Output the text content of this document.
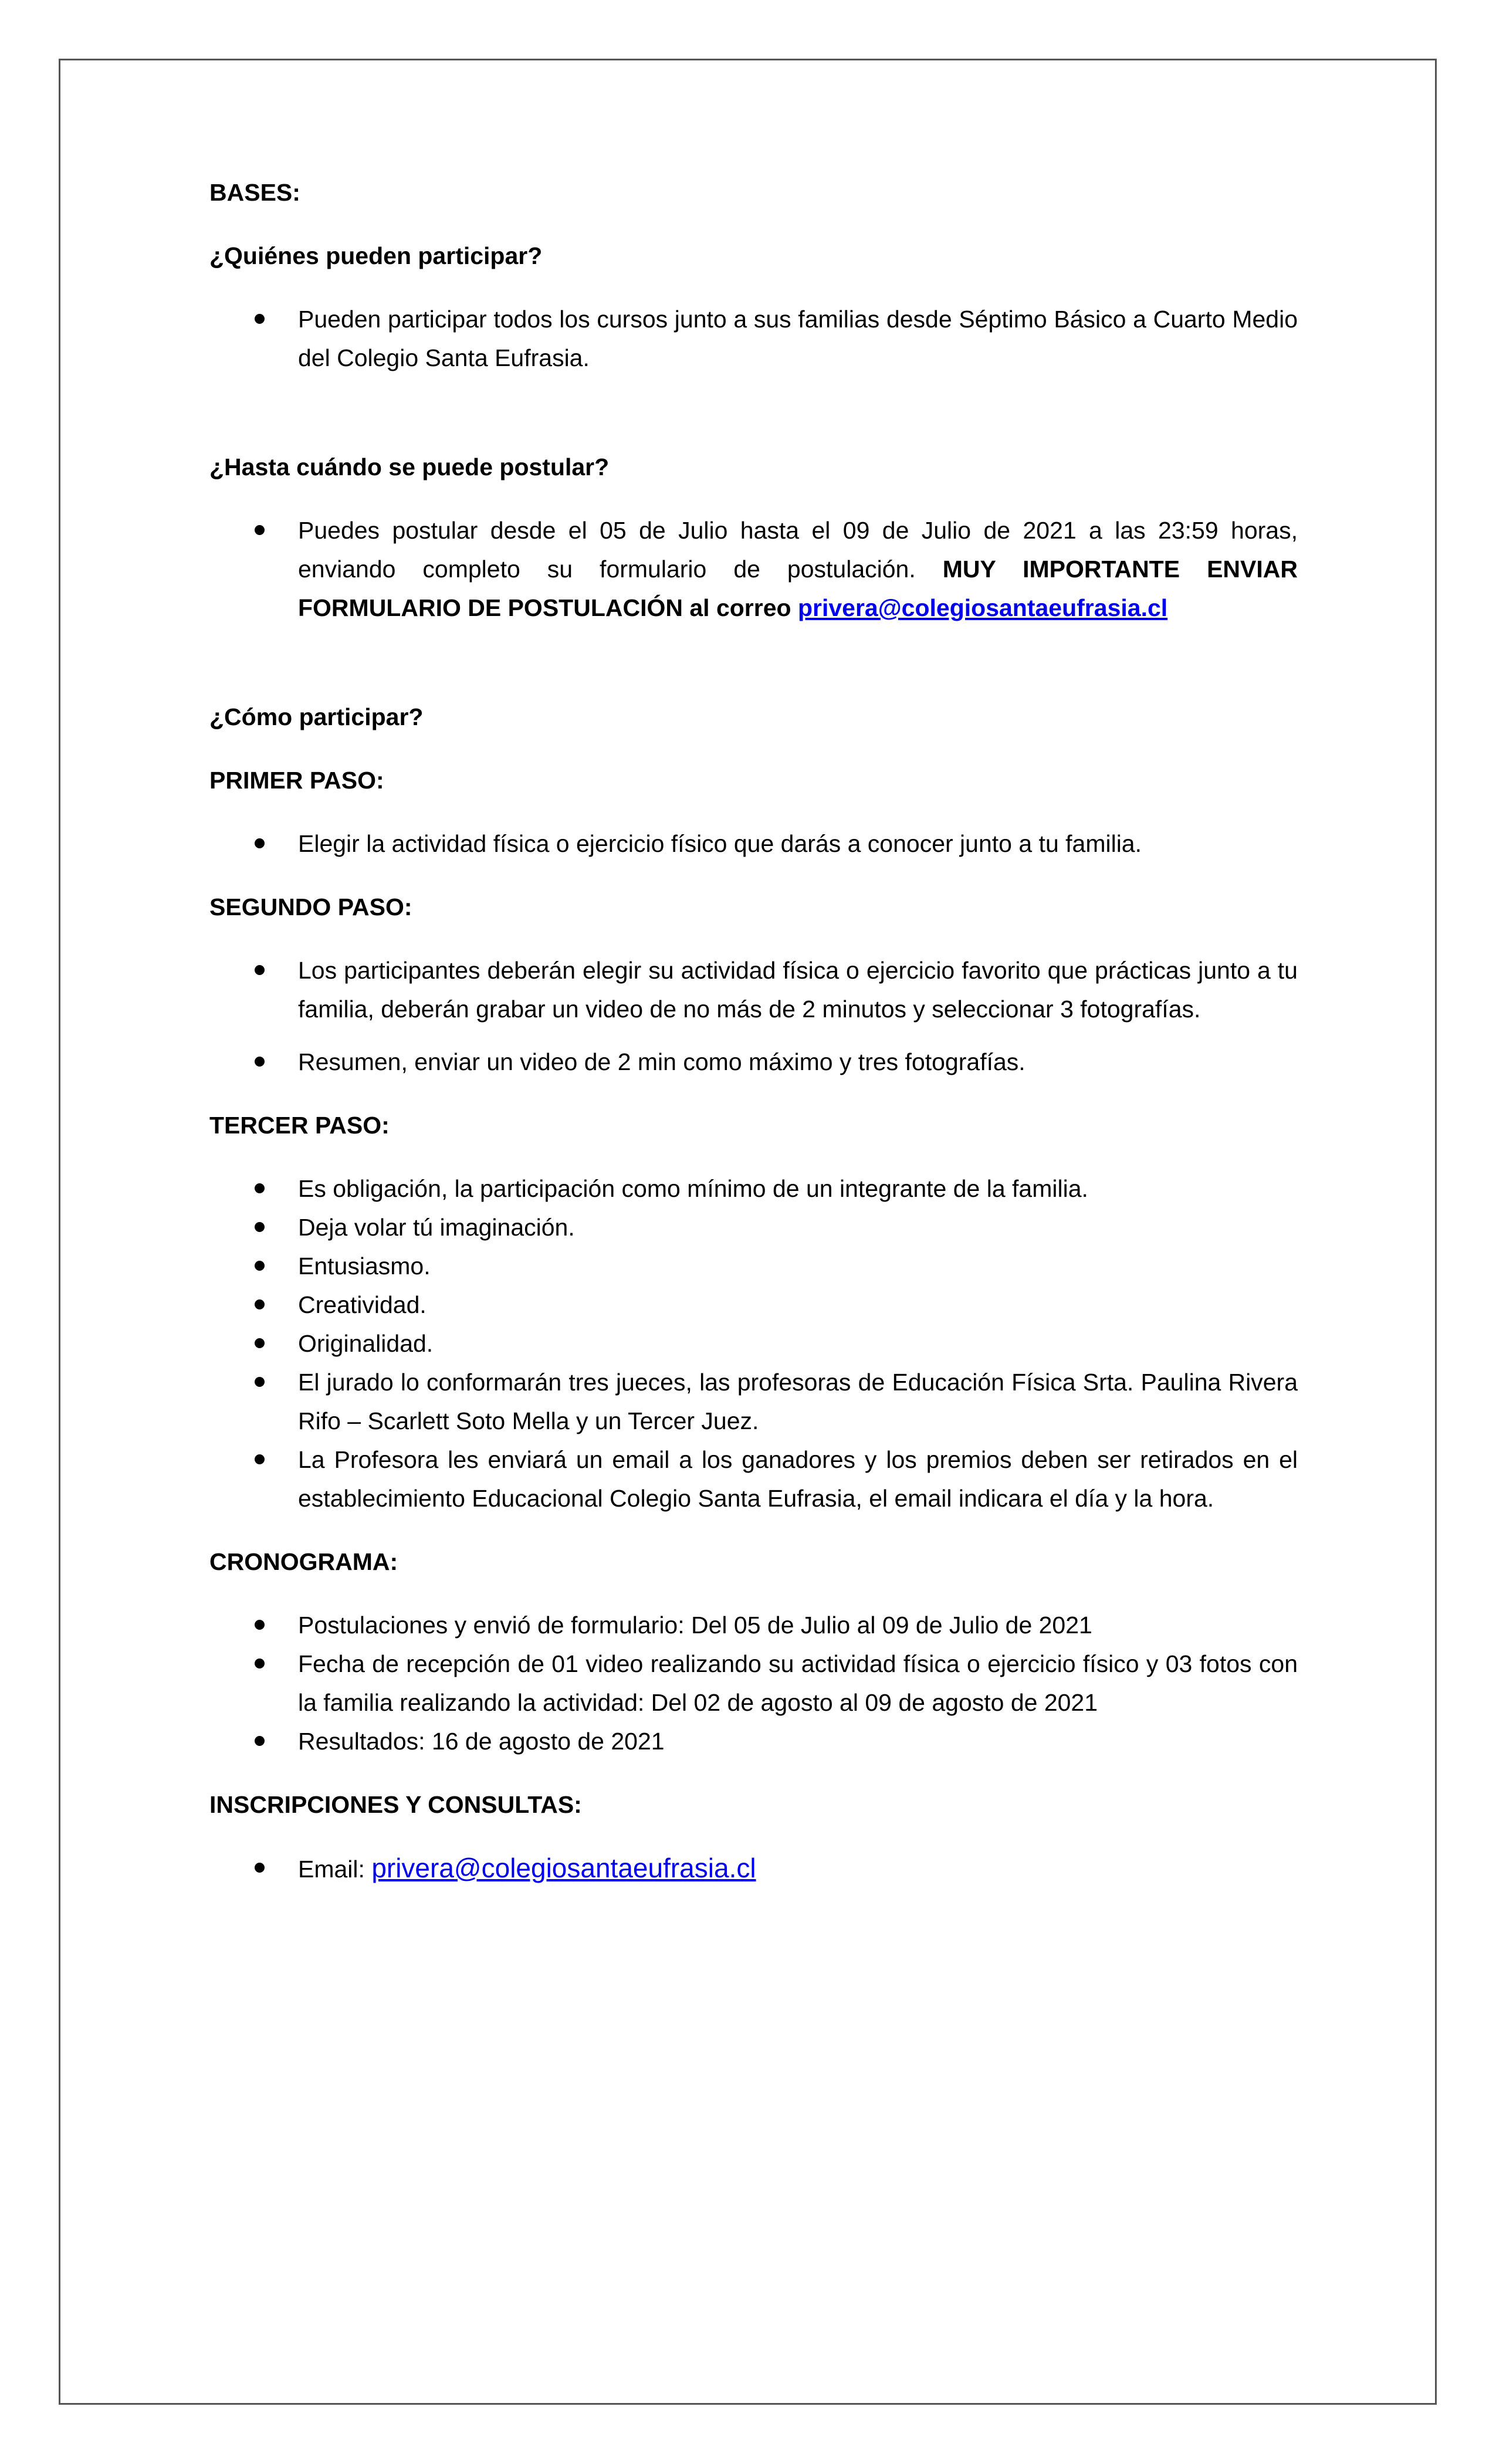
BASES:

¿Quiénes pueden participar?

Pueden participar todos los cursos junto a sus familias desde Séptimo Básico a Cuarto Medio del Colegio Santa Eufrasia.

¿Hasta cuándo se puede postular?

Puedes postular desde el 05 de Julio hasta el 09 de Julio de 2021 a las 23:59 horas, enviando completo su formulario de postulación. MUY IMPORTANTE ENVIAR FORMULARIO DE POSTULACIÓN al correo privera@colegiosantaeufrasia.cl

¿Cómo participar?

PRIMER PASO:

Elegir la actividad física o ejercicio físico que darás a conocer junto a tu familia.

SEGUNDO PASO:

Los participantes deberán elegir su actividad física o ejercicio favorito que prácticas junto a tu familia, deberán grabar un video de no más de 2 minutos y seleccionar 3 fotografías.
Resumen, enviar un video de 2 min como máximo y tres fotografías.

TERCER PASO:

Es obligación, la participación como mínimo de un integrante de la familia.
Deja volar tú imaginación.
Entusiasmo.
Creatividad.
Originalidad.
El jurado lo conformarán tres jueces, las profesoras de Educación Física Srta. Paulina Rivera Rifo – Scarlett Soto Mella y un Tercer Juez.
La Profesora les enviará un email a los ganadores y los premios deben ser retirados en el establecimiento Educacional Colegio Santa Eufrasia, el email indicara el día y la hora.

CRONOGRAMA:

Postulaciones y envió de formulario: Del 05 de Julio al 09 de Julio de 2021
Fecha de recepción de 01 video realizando su actividad física o ejercicio físico y 03 fotos con la familia realizando la actividad: Del 02 de agosto al 09 de agosto de 2021
Resultados: 16 de agosto de 2021

INSCRIPCIONES Y CONSULTAS:

Email: privera@colegiosantaeufrasia.cl
